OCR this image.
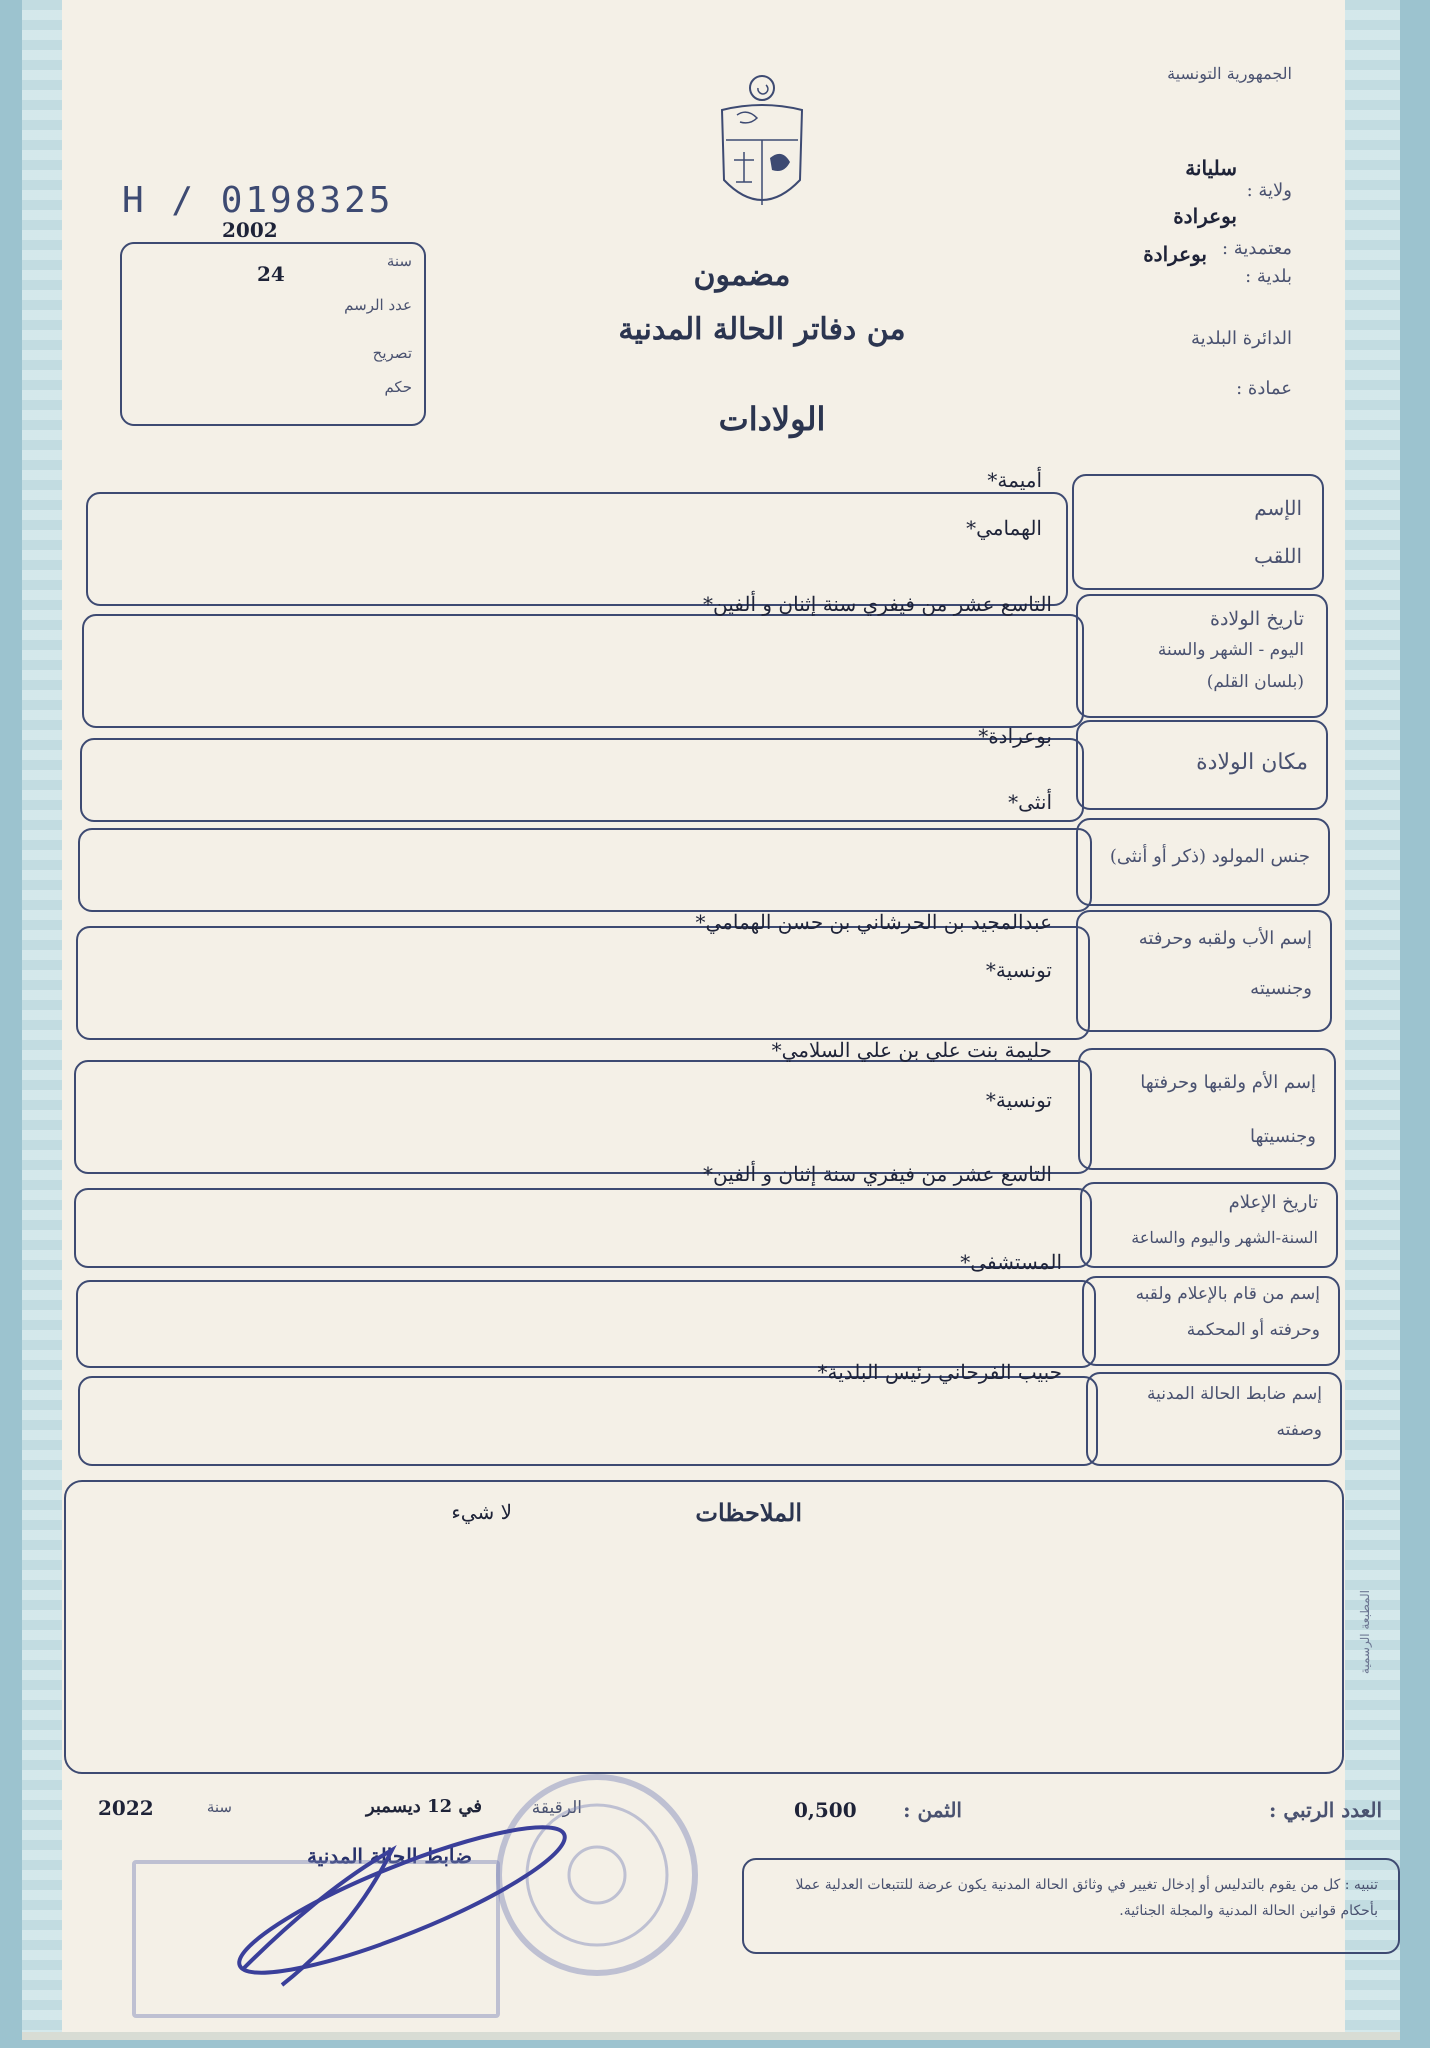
الجمهورية التونسية
ولاية :
سليانة
بوعرادة
معتمدية :
بوعرادة
بلدية :
الدائرة البلدية
عمادة :
H / 0198325
2002
سنة
24
عدد الرسم
تصريح
حكم
مضمون
من دفاتر الحالة المدنية
الولادات
أميمة*
الهمامي*
الإسم
اللقب
التاسع عشر من فيفري سنة إثنان و ألفين*
تاريخ الولادة
اليوم - الشهر والسنة
(بلسان القلم)
بوعرادة*
مكان الولادة
أنثى*
جنس المولود (ذكر أو أنثى)
عبدالمجيد بن الحرشاني بن حسن الهمامي*
تونسية*
إسم الأب ولقبه وحرفته
وجنسيته
حليمة بنت علي بن علي السلامي*
تونسية*
إسم الأم ولقبها وحرفتها
وجنسيتها
التاسع عشر من فيفري سنة إثنان و ألفين*
تاريخ الإعلام
السنة-الشهر واليوم والساعة
المستشفى*
إسم من قام بالإعلام ولقبه
وحرفته أو المحكمة
حبيب الفرحاني رئيس البلدية*
إسم ضابط الحالة المدنية
وصفته
الملاحظات
لا شيء
المطبعة الرسمية
العدد الرتبي :
الثمن :
0,500
الرقيقة
في 12 ديسمبر
سنة
2022
ضابط الحالة المدنية
تنبيه : كل من يقوم بالتدليس أو إدخال تغيير في وثائق الحالة المدنية يكون عرضة للتتبعات العدلية عملا بأحكام قوانين الحالة المدنية والمجلة الجنائية.
